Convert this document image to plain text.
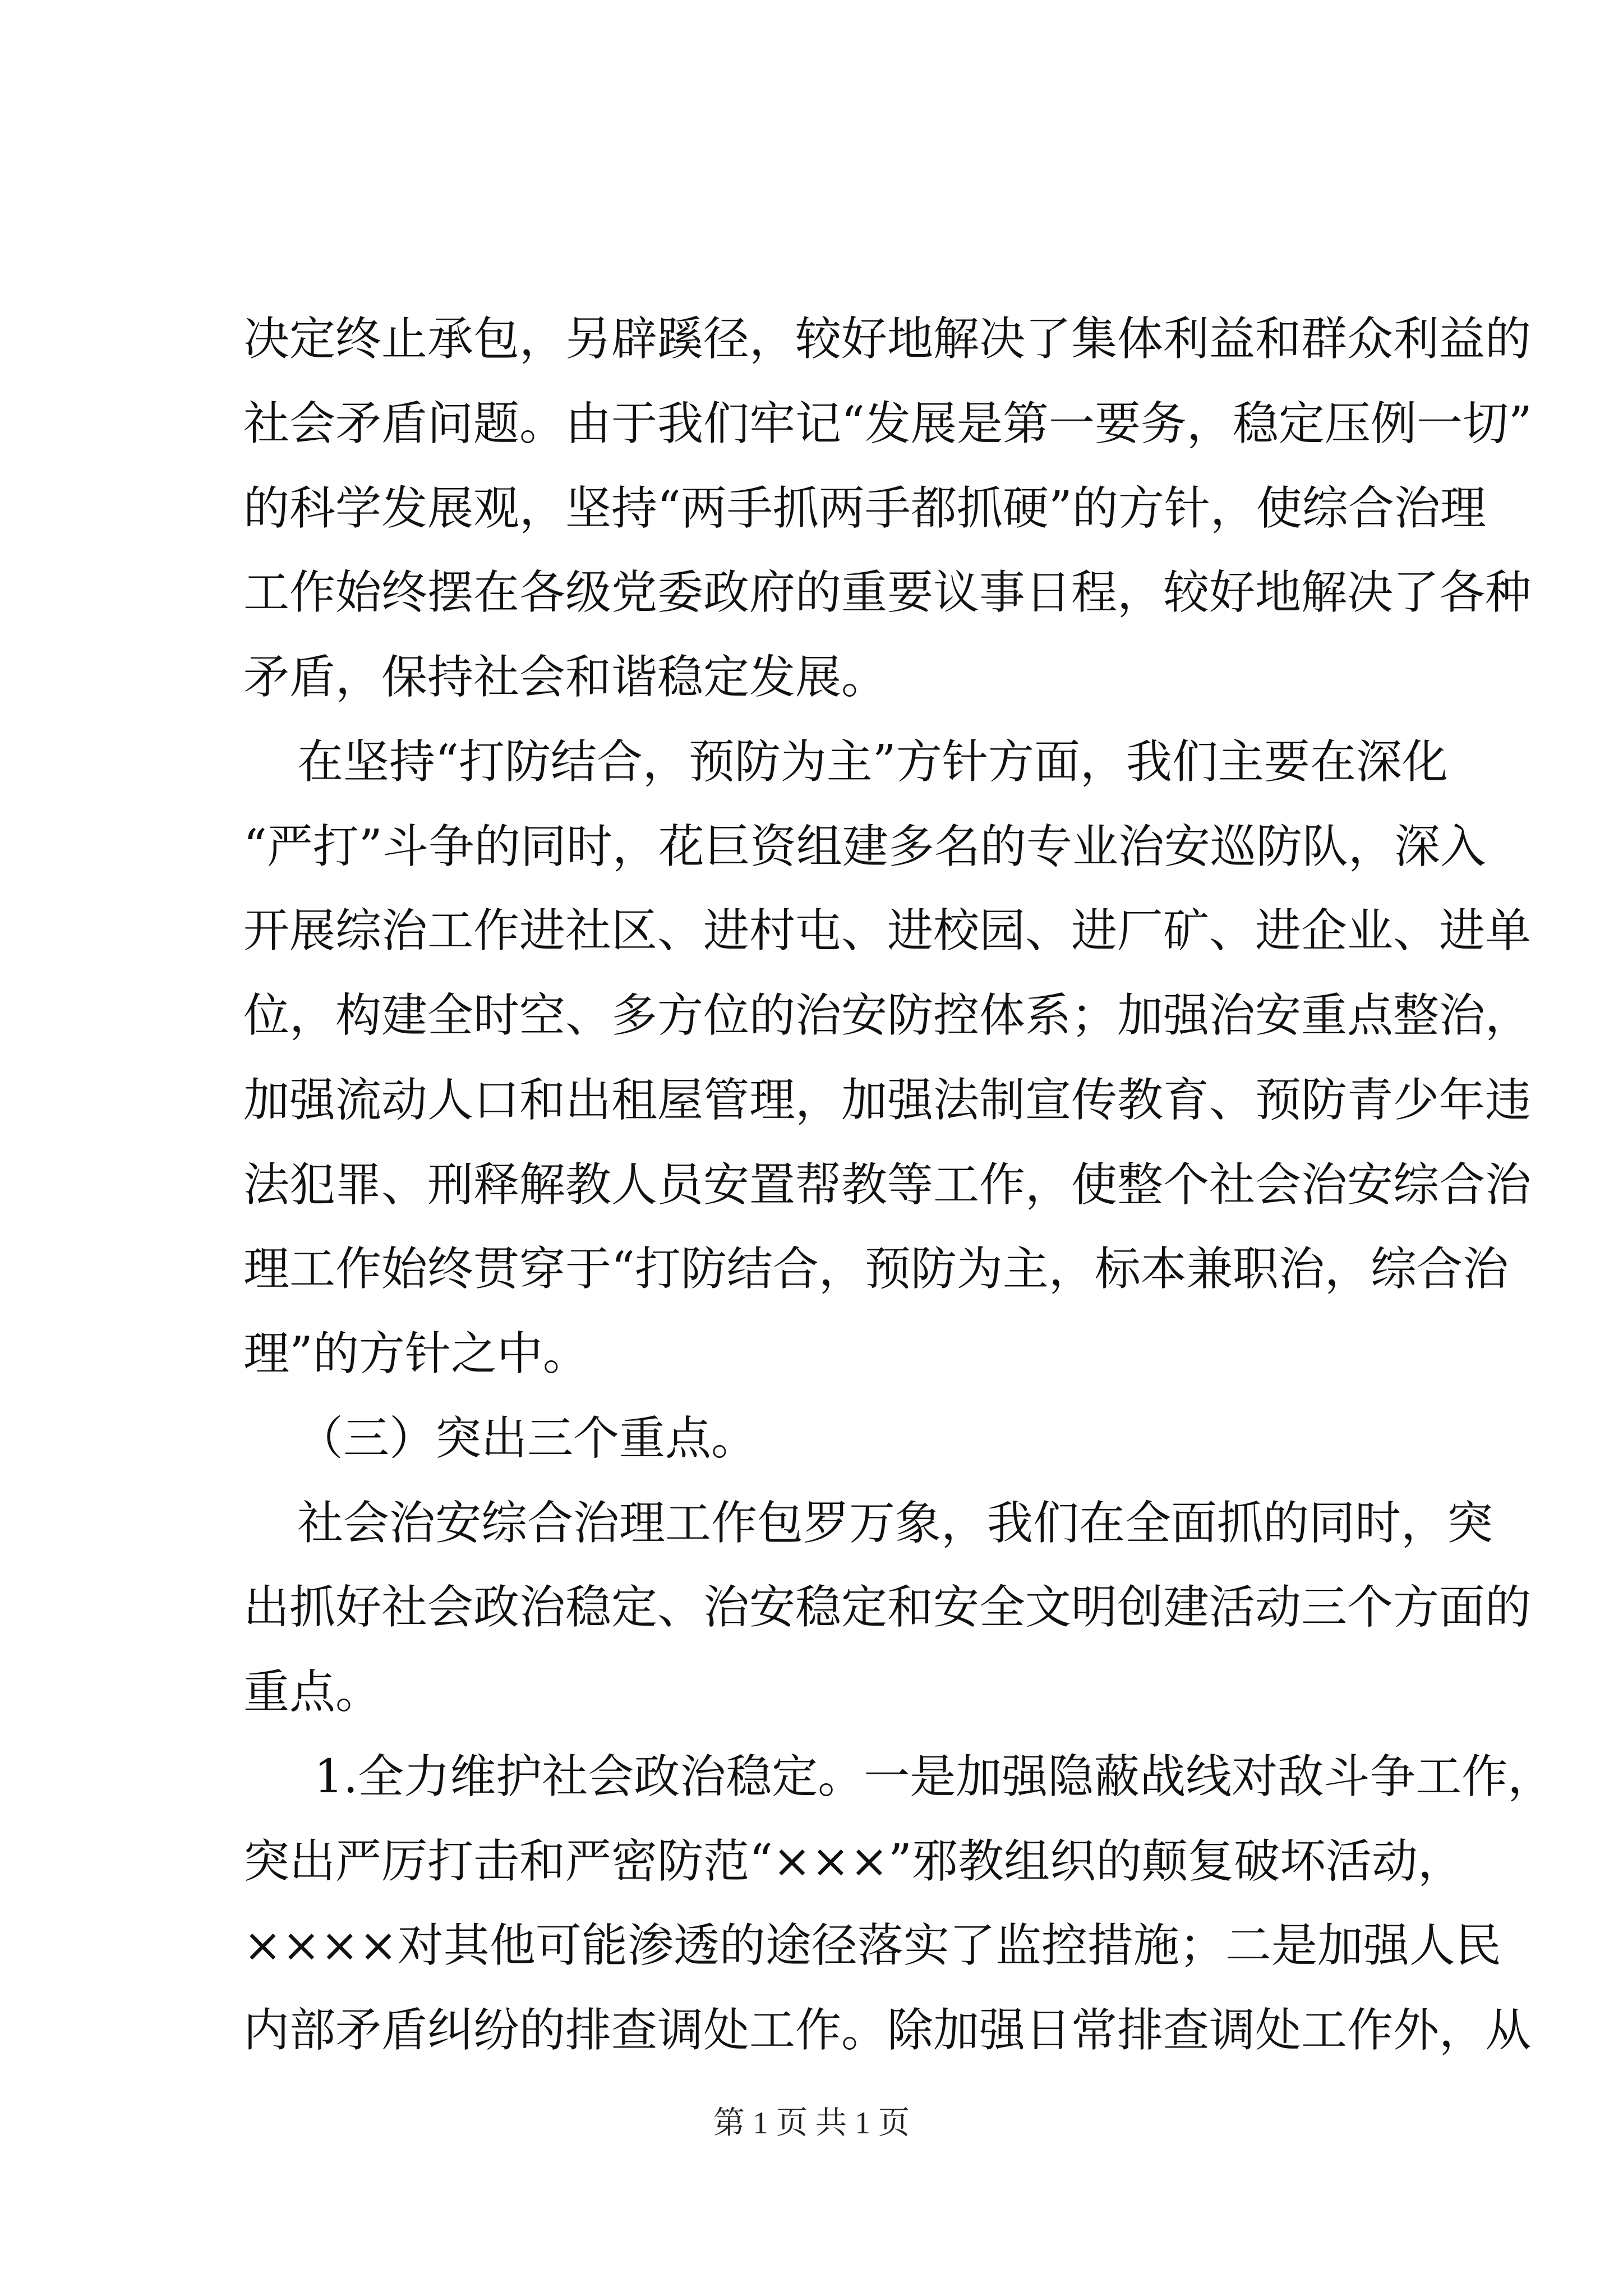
决定终止承包，另辟蹊径，较好地解决了集体利益和群众利益的
社会矛盾问题。由于我们牢记“发展是第一要务，稳定压例一切”
的科学发展观，坚持“两手抓两手都抓硬”的方针，使综合治理
工作始终摆在各级党委政府的重要议事日程，较好地解决了各种
矛盾，保持社会和谐稳定发展。
在坚持“打防结合，预防为主”方针方面，我们主要在深化
“严打”斗争的同时，花巨资组建多名的专业治安巡防队，深入
开展综治工作进社区、进村屯、进校园、进厂矿、进企业、进单
位，构建全时空、多方位的治安防控体系；加强治安重点整治，
加强流动人口和出租屋管理，加强法制宣传教育、预防青少年违
法犯罪、刑释解教人员安置帮教等工作，使整个社会治安综合治
理工作始终贯穿于“打防结合，预防为主，标本兼职治，综合治
理”的方针之中。
（三）突出三个重点。
社会治安综合治理工作包罗万象，我们在全面抓的同时，突
出抓好社会政治稳定、治安稳定和安全文明创建活动三个方面的
重点。
1.全力维护社会政治稳定。一是加强隐蔽战线对敌斗争工作，
突出严厉打击和严密防范“×××”邪教组织的颠复破坏活动，
××××对其他可能渗透的途径落实了监控措施；二是加强人民
内部矛盾纠纷的排查调处工作。除加强日常排查调处工作外，从
第 1 页 共 1 页
